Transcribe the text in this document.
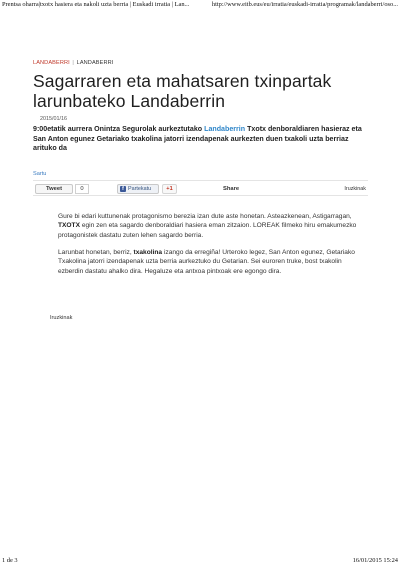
Prentsa oharra|txotx hasiera eta nakoli uzta berria | Euskadi irratia | Lan...	http://www.eitb.eus/eu/irratia/euskadi-irratia/programak/landaberri/oso...
LANDABERRI | LANDABERRI
Sagarraren eta mahatsaren txinpartak larunbateko Landaberrin
2015/01/16
9:00etatik aurrera Onintza Segurolak aurkeztutako Landaberrin Txotx denboraldiaren hasieraz eta San Anton egunez Getariako txakolina jatorri izendapenak aurkezten duen txakoli uzta berriaz arituko da
Sartu
Tweet	0	f Partekatu	+1	Share	Iruzkinak

Gure bi edari kuttunenak protagonismo berezia izan dute aste honetan. Asteazkenean, Astigarragan, TXOTX egin zen eta sagardo denboraldiari hasiera eman zitzaion. LOREAK filmeko hiru emakumezko protagonistek dastatu zuten lehen sagardo berria.

Larunbat honetan, berriz, txakolina izango da erregiña! Urteroko legez, San Anton egunez, Getariako Txakolina jatorri izendapenak uzta berria aurkeztuko du Getarian. Sei euroren truke, bost txakolin ezberdin dastatu ahalko dira. Hegaluze eta antxoa pintxoak ere egongo dira.

Iruzkinak
1 de 3	16/01/2015 15:24
